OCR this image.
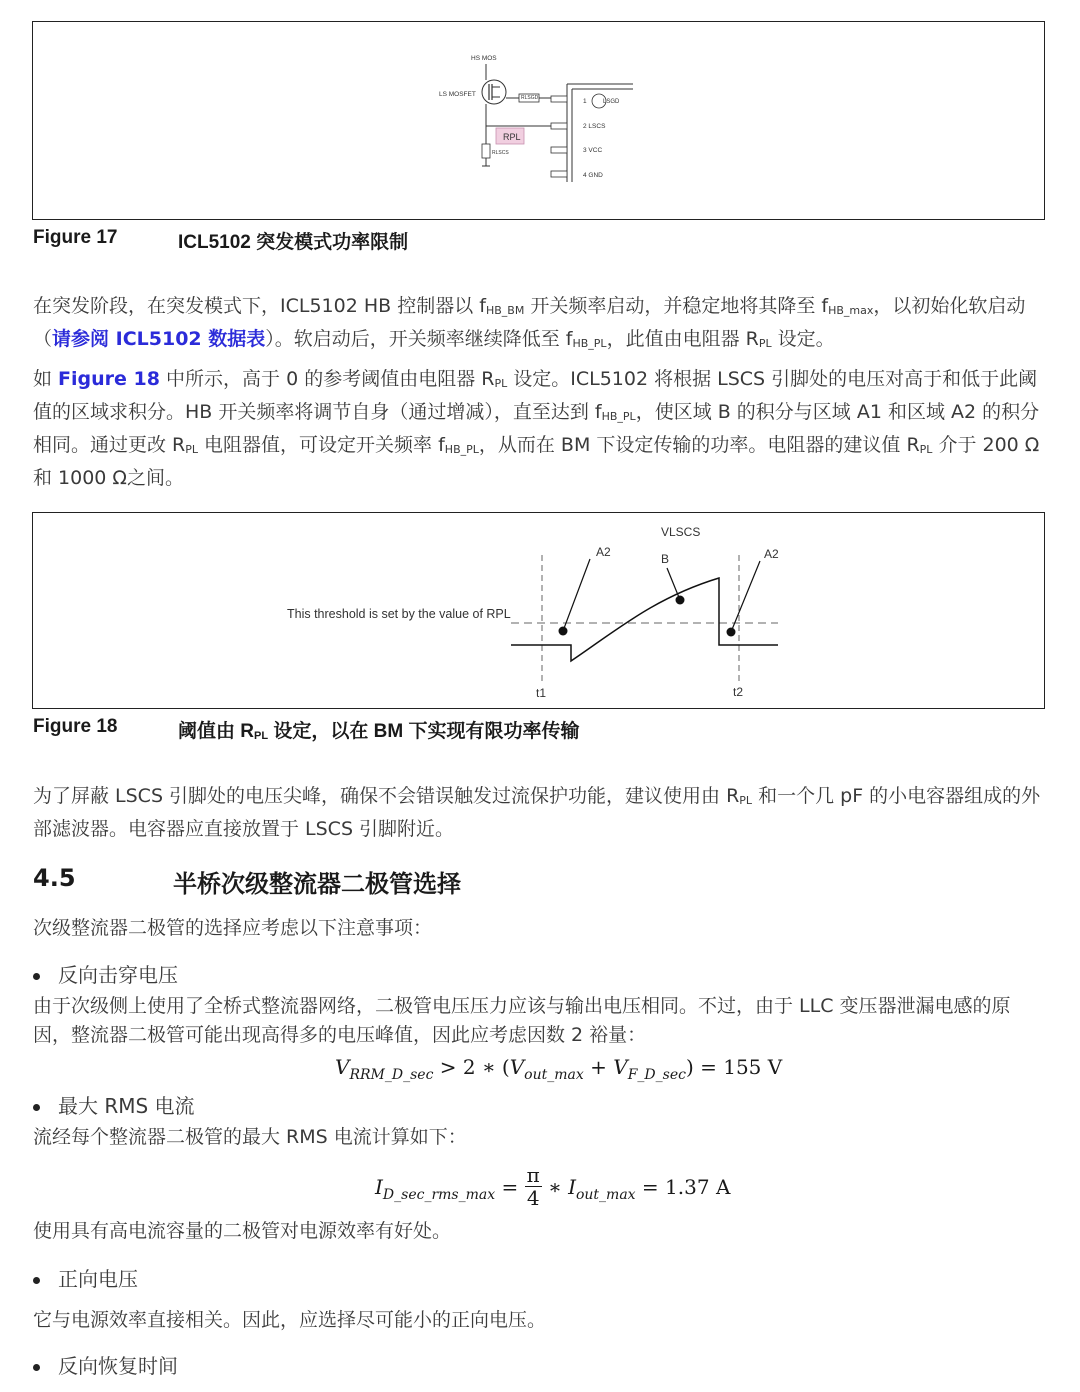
HS MOS
LS MOSFET	RLSGD
RLSCS
RPL
1	LSGD
2 LSCS
3 VCC
4 GND
Figure 17	ICL5102 突发模式功率限制
在突发阶段，在突发模式下，ICL5102 HB 控制器以 fHB_BM 开关频率启动，并稳定地将其降至 fHB_max，以初始化软启动（请参阅 ICL5102 数据表）。软启动后，开关频率继续降低至 fHB_PL，此值由电阻器 RPL 设定。
如 Figure 18 中所示，高于 0 的参考阈值由电阻器 RPL 设定。ICL5102 将根据 LSCS 引脚处的电压对高于和低于此阈值的区域求积分。HB 开关频率将调节自身（通过增减），直至达到 fHB_PL，使区域 B 的积分与区域 A1 和区域 A2 的积分相同。通过更改 RPL 电阻器值，可设定开关频率 fHB_PL，从而在 BM 下设定传输的功率。电阻器的建议值 RPL 介于 200 Ω和 1000 Ω之间。
VLSCS
A2	B	A2
This threshold is set by the value of RPL
t1	t2
Figure 18	阈值由 RPL 设定，以在 BM 下实现有限功率传输
为了屏蔽 LSCS 引脚处的电压尖峰，确保不会错误触发过流保护功能，建议使用由 RPL 和一个几 pF 的小电容器组成的外部滤波器。电容器应直接放置于 LSCS 引脚附近。
4.5	半桥次级整流器二极管选择
次级整流器二极管的选择应考虑以下注意事项：
反向击穿电压
由于次级侧上使用了全桥式整流器网络，二极管电压压力应该与输出电压相同。不过，由于 LLC 变压器泄漏电感的原因，整流器二极管可能出现高得多的电压峰值，因此应考虑因数 2 裕量：
$V_{RRM\_D\_sec} > 2$ ∗ $(V_{out\_max} + V_{F\_D\_sec}) = 155$ V
最大 RMS 电流
流经每个整流器二极管的最大 RMS 电流计算如下：
$I_{D\_sec\_rms\_max} = \frac{\pi}{4}$ ∗ $I_{out\_max} = 1.37$ A
使用具有高电流容量的二极管对电源效率有好处。
正向电压
它与电源效率直接相关。因此，应选择尽可能小的正向电压。
反向恢复时间
